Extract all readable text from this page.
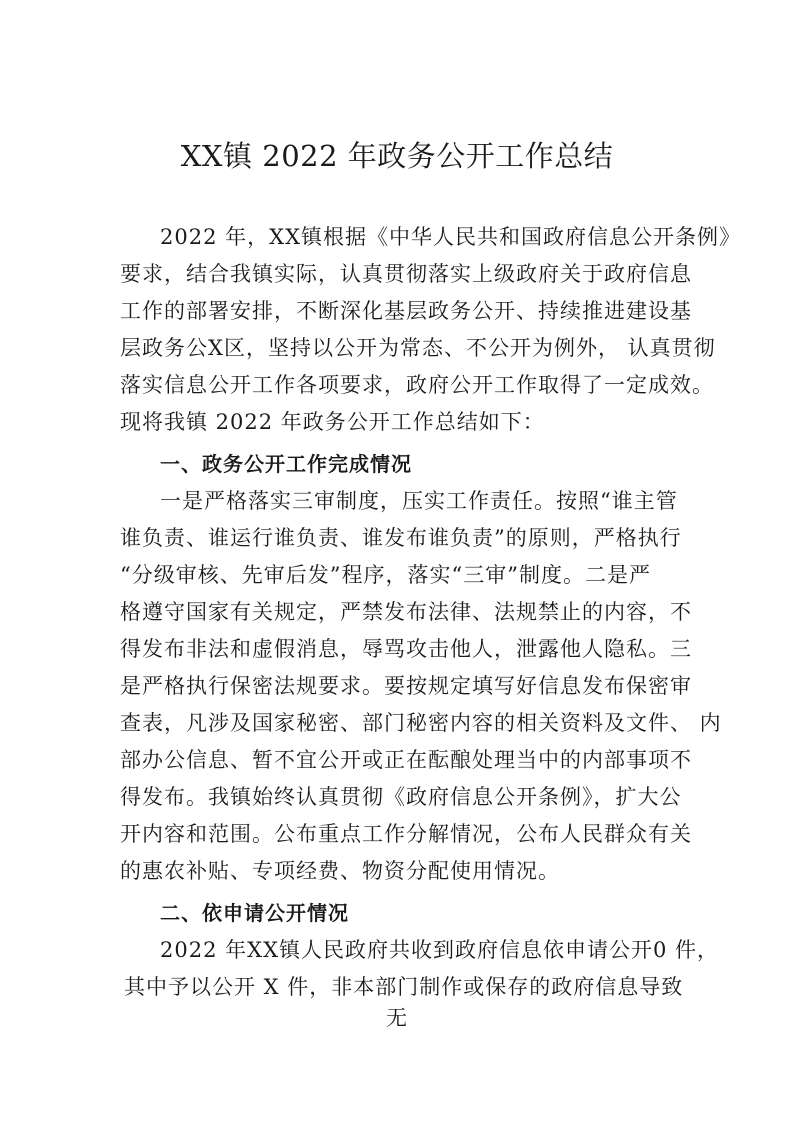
XX镇 2022 年政务公开工作总结
2022 年，XX镇根据《中华人民共和国政府信息公开条例》
要求，结合我镇实际，认真贯彻落实上级政府关于政府信息
工作的部署安排，不断深化基层政务公开、持续推进建设基
层政务公X区，坚持以公开为常态、不公开为例外， 认真贯彻
落实信息公开工作各项要求，政府公开工作取得了一定成效。
现将我镇 2022 年政务公开工作总结如下：
一、政务公开工作完成情况
一是严格落实三审制度，压实工作责任。按照“谁主管
谁负责、谁运行谁负责、谁发布谁负责”的原则，严格执行
“分级审核、先审后发”程序，落实“三审”制度。二是严
格遵守国家有关规定，严禁发布法律、法规禁止的内容，不
得发布非法和虚假消息，辱骂攻击他人，泄露他人隐私。三
是严格执行保密法规要求。要按规定填写好信息发布保密审
查表，凡涉及国家秘密、部门秘密内容的相关资料及文件、 内
部办公信息、暂不宜公开或正在酝酿处理当中的内部事项不
得发布。我镇始终认真贯彻《政府信息公开条例》，扩大公
开内容和范围。公布重点工作分解情况，公布人民群众有关
的惠农补贴、专项经费、物资分配使用情况。
二、依申请公开情况
2022 年XX镇人民政府共收到政府信息依申请公开0 件，
其中予以公开 X 件，非本部门制作或保存的政府信息导致
无
